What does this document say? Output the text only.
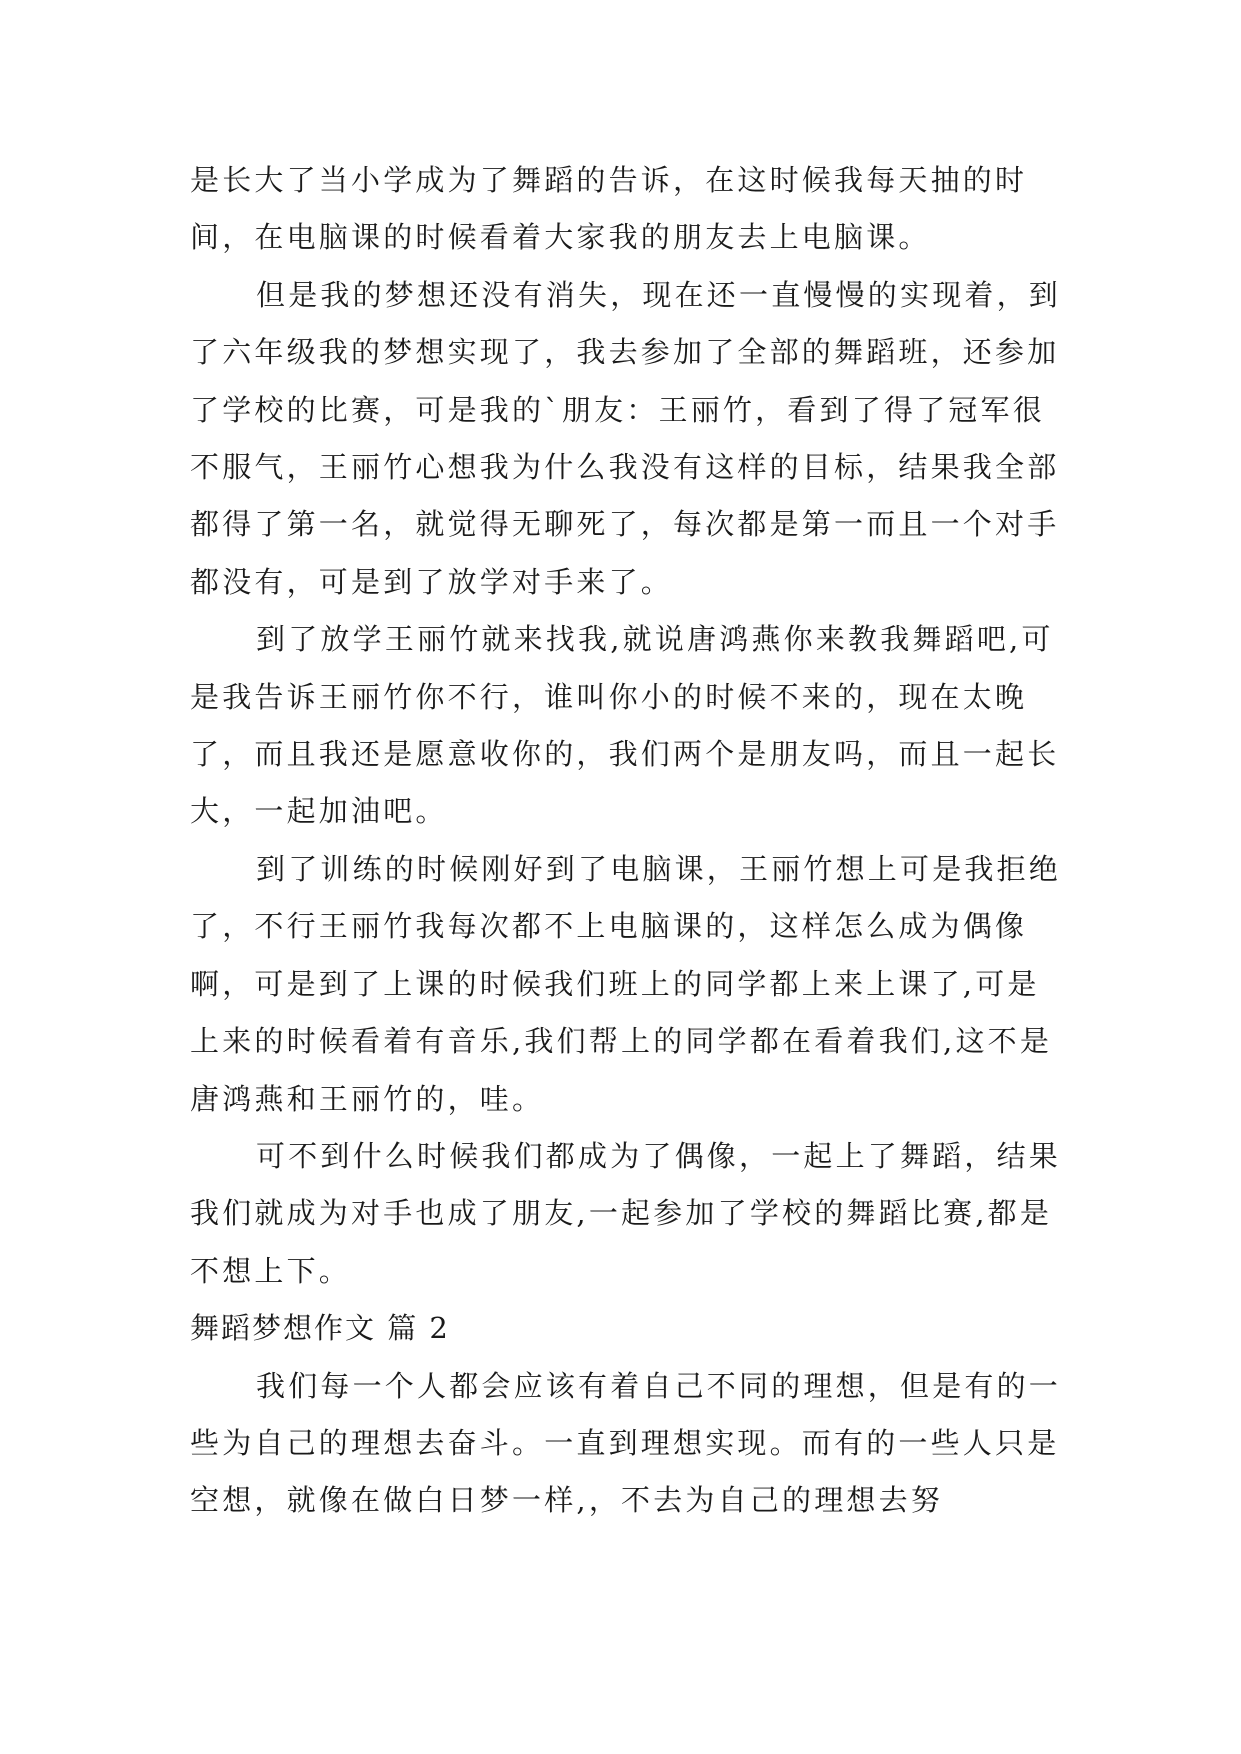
是长大了当小学成为了舞蹈的告诉，在这时候我每天抽的时间，在电脑课的时候看着大家我的朋友去上电脑课。

但是我的梦想还没有消失，现在还一直慢慢的实现着，到了六年级我的梦想实现了，我去参加了全部的舞蹈班，还参加了学校的比赛，可是我的`朋友：王丽竹，看到了得了冠军很不服气，王丽竹心想我为什么我没有这样的目标，结果我全部都得了第一名，就觉得无聊死了，每次都是第一而且一个对手都没有，可是到了放学对手来了。

到了放学王丽竹就来找我,就说唐鸿燕你来教我舞蹈吧,可是我告诉王丽竹你不行，谁叫你小的时候不来的，现在太晚了，而且我还是愿意收你的，我们两个是朋友吗，而且一起长大，一起加油吧。

到了训练的时候刚好到了电脑课，王丽竹想上可是我拒绝了，不行王丽竹我每次都不上电脑课的，这样怎么成为偶像啊，可是到了上课的时候我们班上的同学都上来上课了,可是上来的时候看着有音乐,我们帮上的同学都在看着我们,这不是唐鸿燕和王丽竹的，哇。

可不到什么时候我们都成为了偶像，一起上了舞蹈，结果我们就成为对手也成了朋友,一起参加了学校的舞蹈比赛,都是不想上下。

舞蹈梦想作文 篇 2

我们每一个人都会应该有着自己不同的理想，但是有的一些为自己的理想去奋斗。一直到理想实现。而有的一些人只是空想，就像在做白日梦一样,，不去为自己的理想去努
